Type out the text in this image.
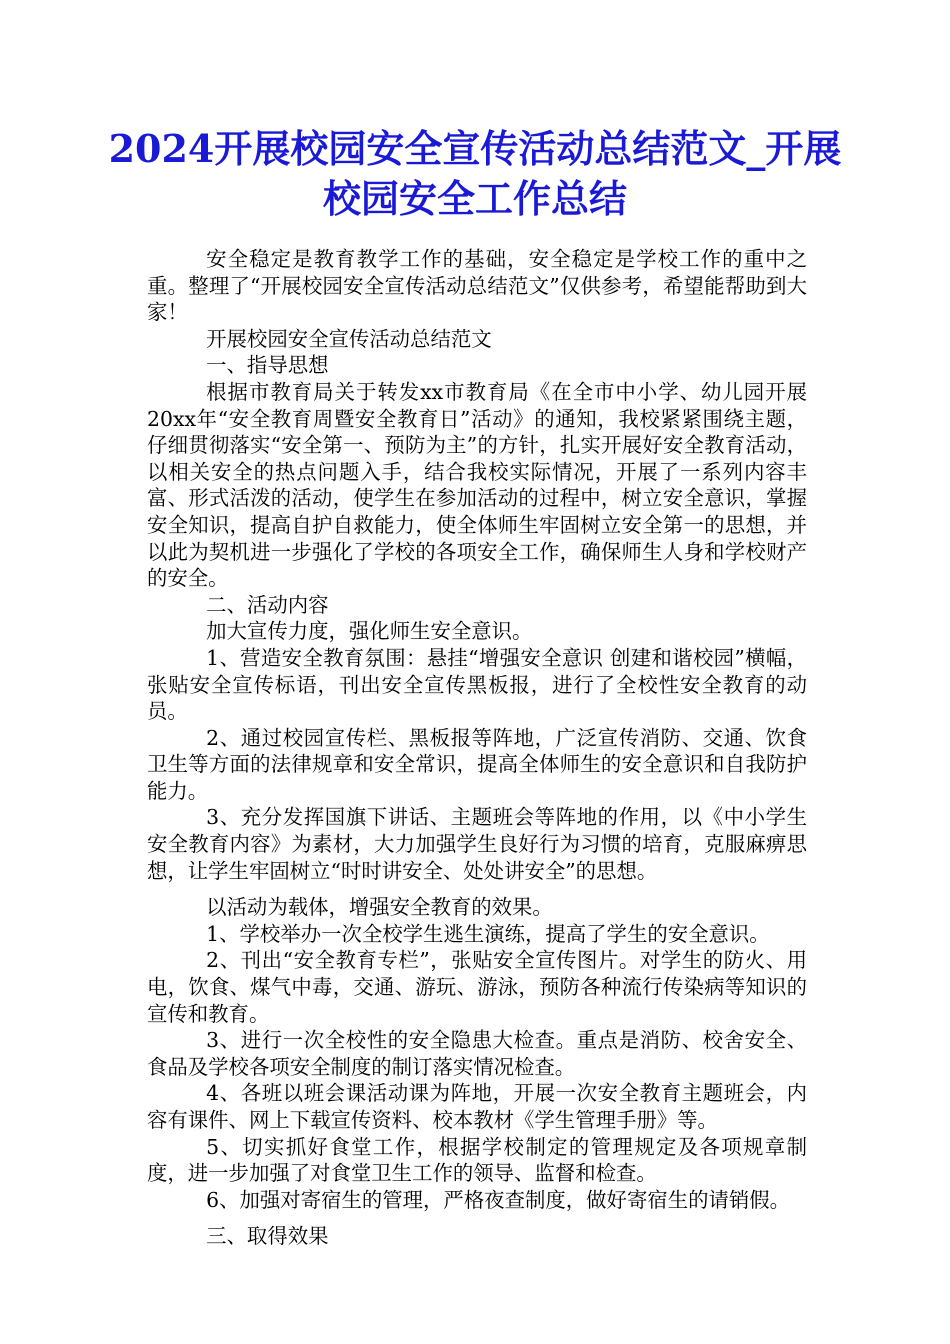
2024开展校园安全宣传活动总结范文_开展校园安全工作总结

安全稳定是教育教学工作的基础，安全稳定是学校工作的重中之重。整理了“开展校园安全宣传活动总结范文”仅供参考，希望能帮助到大家！

开展校园安全宣传活动总结范文

一、指导思想

根据市教育局关于转发xx市教育局《在全市中小学、幼儿园开展20xx年“安全教育周暨安全教育日”活动》的通知，我校紧紧围绕主题，仔细贯彻落实“安全第一、预防为主”的方针，扎实开展好安全教育活动，以相关安全的热点问题入手，结合我校实际情况，开展了一系列内容丰富、形式活泼的活动，使学生在参加活动的过程中，树立安全意识，掌握安全知识，提高自护自救能力，使全体师生牢固树立安全第一的思想，并以此为契机进一步强化了学校的各项安全工作，确保师生人身和学校财产的安全。

二、活动内容

加大宣传力度，强化师生安全意识。

1、营造安全教育氛围：悬挂“增强安全意识 创建和谐校园”横幅，张贴安全宣传标语，刊出安全宣传黑板报，进行了全校性安全教育的动员。

2、通过校园宣传栏、黑板报等阵地，广泛宣传消防、交通、饮食卫生等方面的法律规章和安全常识，提高全体师生的安全意识和自我防护能力。

3、充分发挥国旗下讲话、主题班会等阵地的作用，以《中小学生安全教育内容》为素材，大力加强学生良好行为习惯的培育，克服麻痹思想，让学生牢固树立“时时讲安全、处处讲安全”的思想。

以活动为载体，增强安全教育的效果。

1、学校举办一次全校学生逃生演练，提高了学生的安全意识。

2、刊出“安全教育专栏”，张贴安全宣传图片。对学生的防火、用电，饮食、煤气中毒，交通、游玩、游泳，预防各种流行传染病等知识的宣传和教育。

3、进行一次全校性的安全隐患大检查。重点是消防、校舍安全、食品及学校各项安全制度的制订落实情况检查。

4、各班以班会课活动课为阵地，开展一次安全教育主题班会，内容有课件、网上下载宣传资料、校本教材《学生管理手册》等。

5、切实抓好食堂工作，根据学校制定的管理规定及各项规章制度，进一步加强了对食堂卫生工作的领导、监督和检查。

6、加强对寄宿生的管理，严格夜查制度，做好寄宿生的请销假。

三、取得效果
